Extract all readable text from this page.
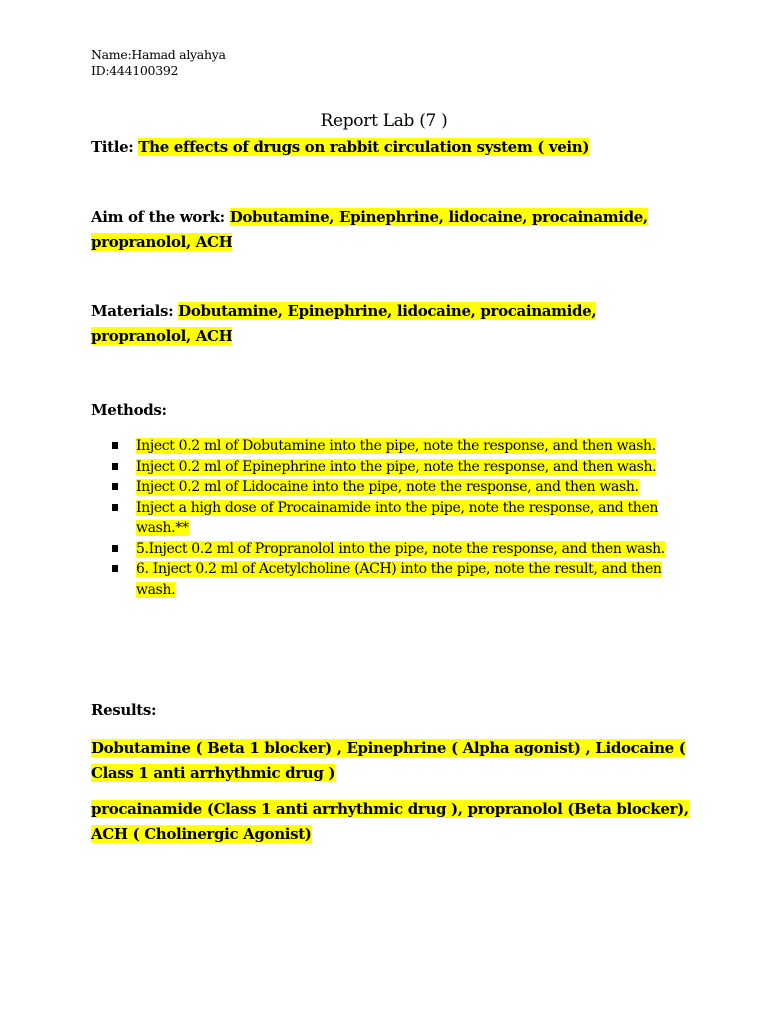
Name:Hamad alyahya
ID:444100392
Report Lab (7 )
Title: The effects of drugs on rabbit circulation system ( vein)
Aim of the work: Dobutamine, Epinephrine, lidocaine, procainamide, propranolol, ACH
Materials: Dobutamine, Epinephrine, lidocaine, procainamide, propranolol, ACH
Methods:
Inject 0.2 ml of Dobutamine into the pipe, note the response, and then wash.
Inject 0.2 ml of Epinephrine into the pipe, note the response, and then wash.
Inject 0.2 ml of Lidocaine into the pipe, note the response, and then wash.
Inject a high dose of Procainamide into the pipe, note the response, and then wash.**
5.Inject 0.2 ml of Propranolol into the pipe, note the response, and then wash.
6. Inject 0.2 ml of Acetylcholine (ACH) into the pipe, note the result, and then wash.
Results:
Dobutamine ( Beta 1 blocker) , Epinephrine ( Alpha agonist) , Lidocaine ( Class 1 anti arrhythmic drug )
procainamide (Class 1 anti arrhythmic drug ), propranolol (Beta blocker), ACH ( Cholinergic Agonist)
